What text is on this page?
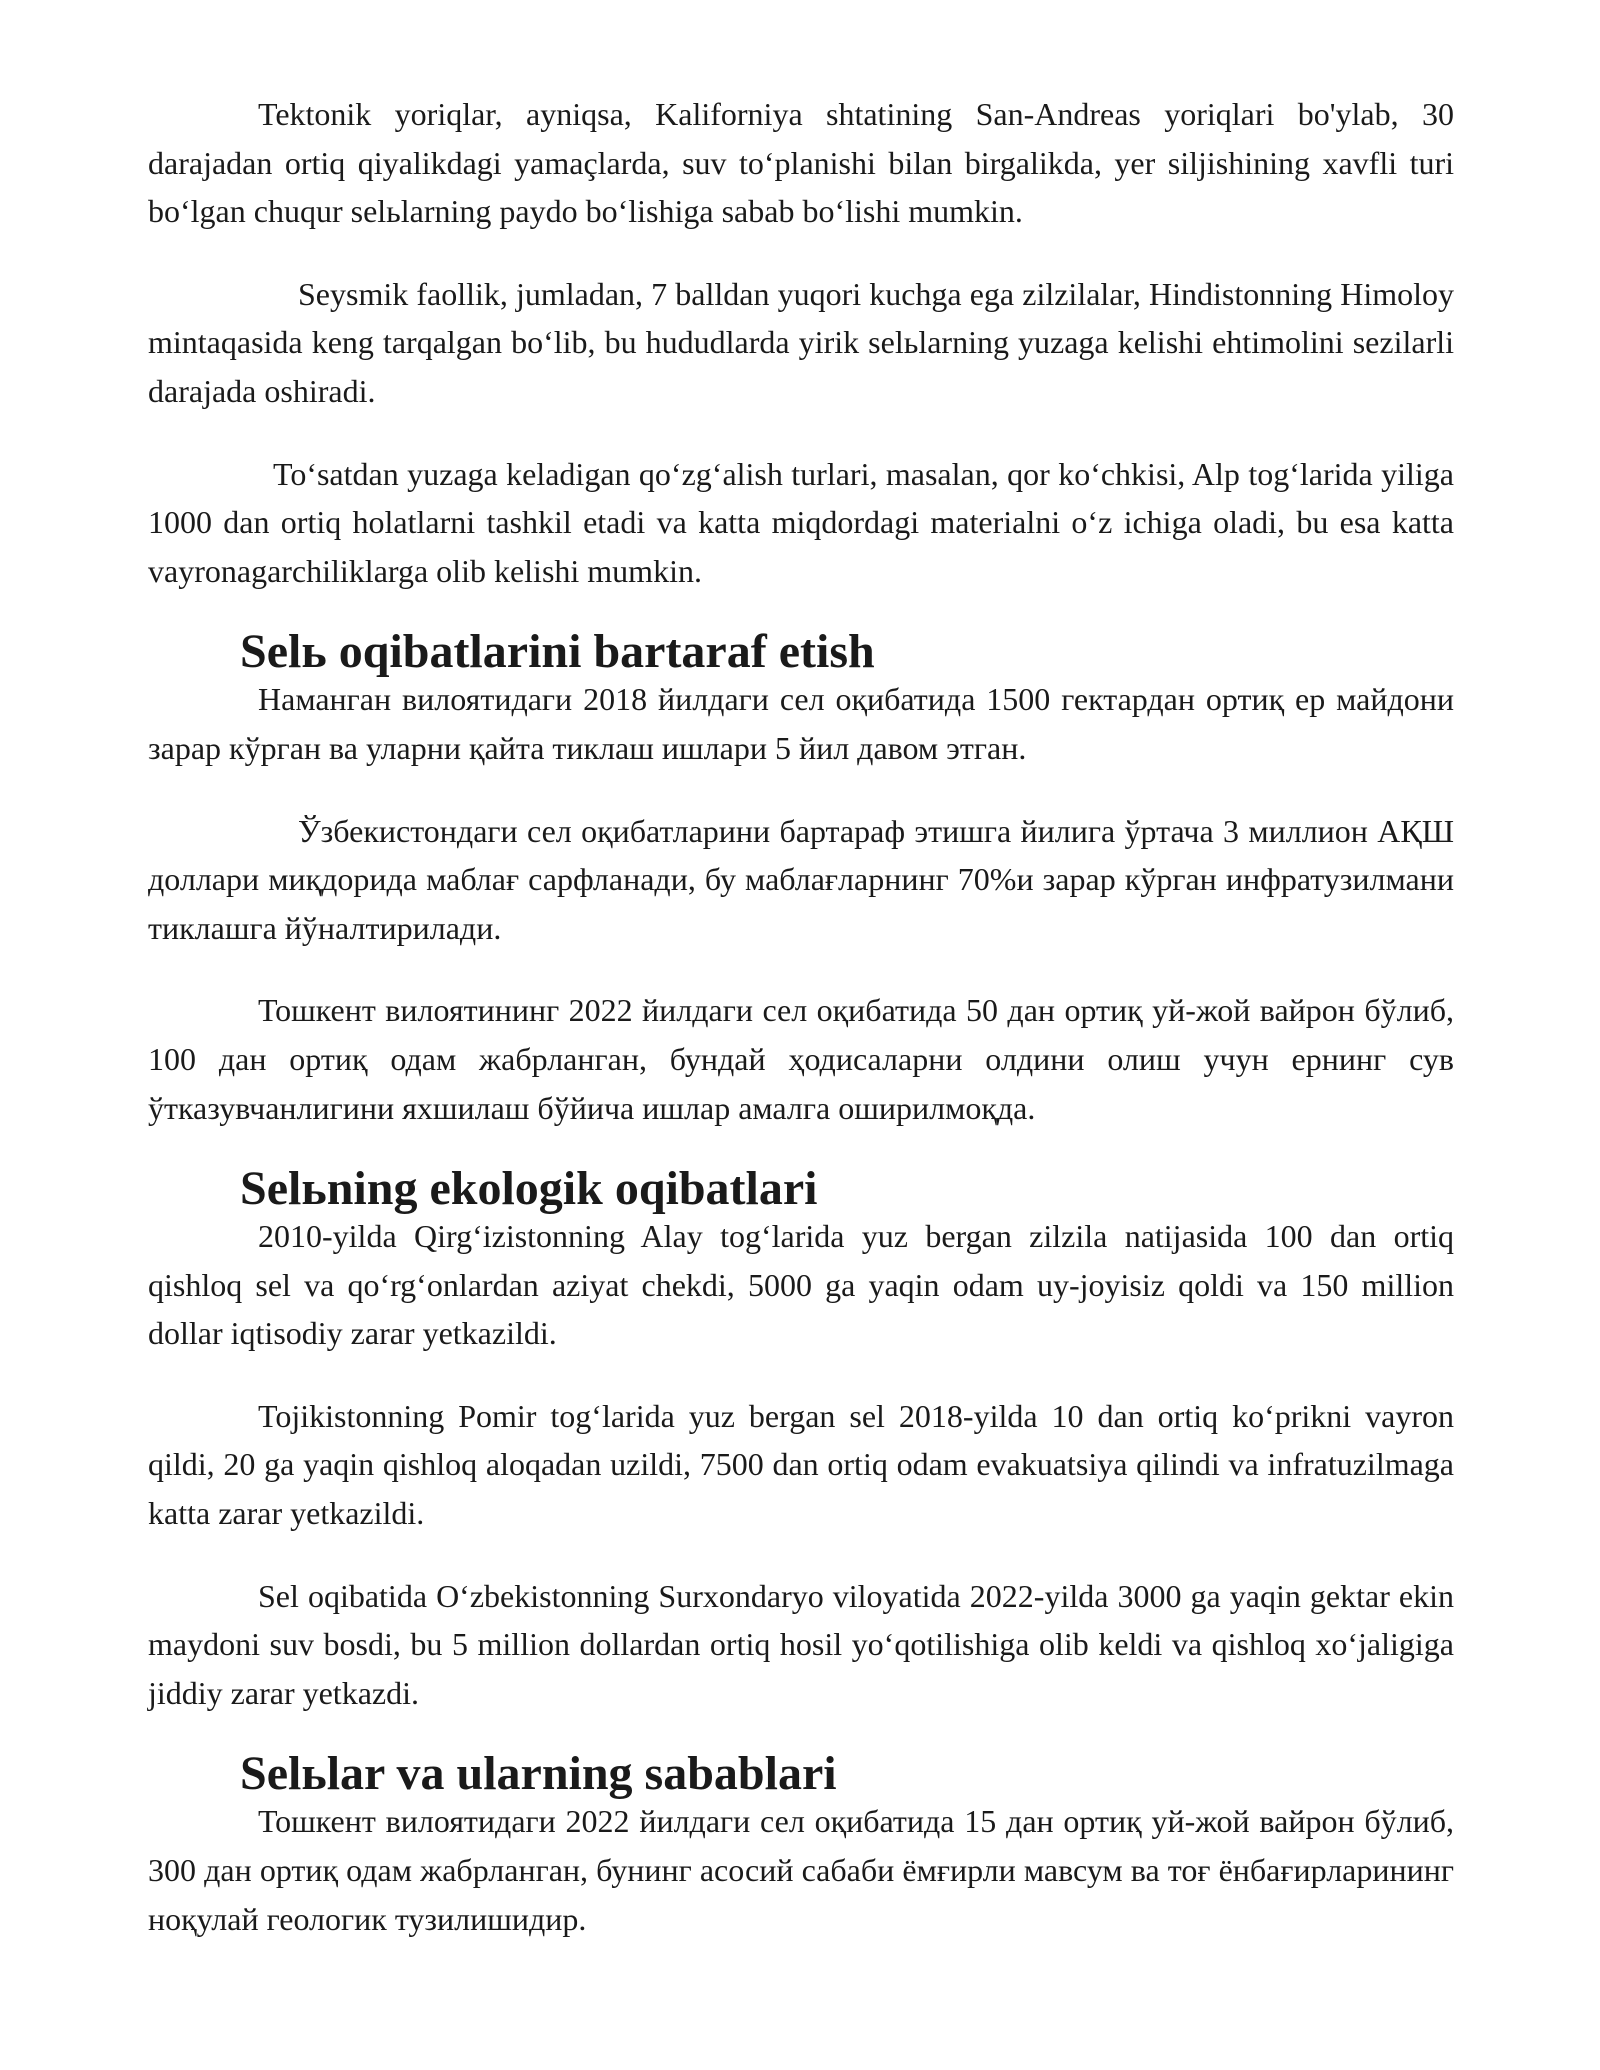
Tektonik yoriqlar, ayniqsa, Kaliforniya shtatining San-Andreas yoriqlari bo'ylab, 30 darajadan ortiq qiyalikdagi yamaçlarda, suv to‘planishi bilan birgalikda, yer siljishining xavfli turi bo‘lgan chuqur selьlarning paydo bo‘lishiga sabab bo‘lishi mumkin.

Seysmik faollik, jumladan, 7 balldan yuqori kuchga ega zilzilalar, Hindistonning Himoloy mintaqasida keng tarqalgan bo‘lib, bu hududlarda yirik selьlarning yuzaga kelishi ehtimolini sezilarli darajada oshiradi.

To‘satdan yuzaga keladigan qo‘zg‘alish turlari, masalan, qor ko‘chkisi, Alp tog‘larida yiliga 1000 dan ortiq holatlarni tashkil etadi va katta miqdordagi materialni o‘z ichiga oladi, bu esa katta vayronagarchiliklarga olib kelishi mumkin.

Selь oqibatlarini bartaraf etish

Наманган вилоятидаги 2018 йилдаги сел оқибатида 1500 гектардан ортиқ ер майдони зарар кўрган ва уларни қайта тиклаш ишлари 5 йил давом этган.

Ўзбекистондаги сел оқибатларини бартараф этишга йилига ўртача 3 миллион АҚШ доллари миқдорида маблағ сарфланади, бу маблағларнинг 70%и зарар кўрган инфратузилмани тиклашга йўналтирилади.

Тошкент вилоятининг 2022 йилдаги сел оқибатида 50 дан ортиқ уй-жой вайрон бўлиб, 100 дан ортиқ одам жабрланган, бундай ҳодисаларни олдини олиш учун ернинг сув ўтказувчанлигини яхшилаш бўйича ишлар амалга оширилмоқда.

Selьning ekologik oqibatlari

2010-yilda Qirg‘izistonning Alay tog‘larida yuz bergan zilzila natijasida 100 dan ortiq qishloq sel va qo‘rg‘onlardan aziyat chekdi, 5000 ga yaqin odam uy-joyisiz qoldi va 150 million dollar iqtisodiy zarar yetkazildi.

Tojikistonning Pomir tog‘larida yuz bergan sel 2018-yilda 10 dan ortiq ko‘prikni vayron qildi, 20 ga yaqin qishloq aloqadan uzildi, 7500 dan ortiq odam evakuatsiya qilindi va infratuzilmaga katta zarar yetkazildi.

Sel oqibatida O‘zbekistonning Surxondaryo viloyatida 2022-yilda 3000 ga yaqin gektar ekin maydoni suv bosdi, bu 5 million dollardan ortiq hosil yo‘qotilishiga olib keldi va qishloq xo‘jaligiga jiddiy zarar yetkazdi.

Selьlar va ularning sabablari

Тошкент вилоятидаги 2022 йилдаги сел оқибатида 15 дан ортиқ уй-жой вайрон бўлиб, 300 дан ортиқ одам жабрланган, бунинг асосий сабаби ёмғирли мавсум ва тоғ ёнбағирларининг ноқулай геологик тузилишидир.
